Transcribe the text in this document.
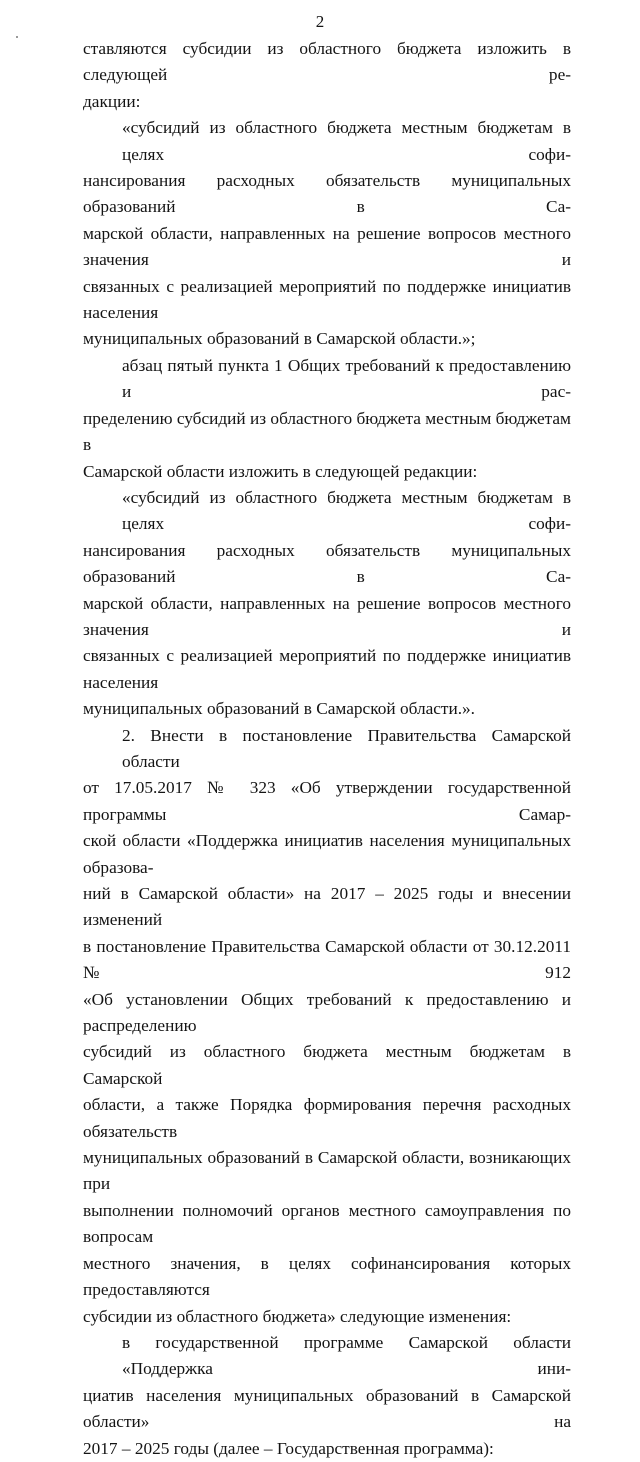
2

ставляются субсидии из областного бюджета изложить в следующей ре-
дакции:

«субсидий из областного бюджета местным бюджетам в целях софи-
нансирования расходных обязательств муниципальных образований в Са-
марской области, направленных на решение вопросов местного значения и
связанных с реализацией мероприятий по поддержке инициатив населения
муниципальных образований в Самарской области.»;

абзац пятый пункта 1 Общих требований к предоставлению и рас-
пределению субсидий из областного бюджета местным бюджетам в
Самарской области изложить в следующей редакции:

«субсидий из областного бюджета местным бюджетам в целях софи-
нансирования расходных обязательств муниципальных образований в Са-
марской области, направленных на решение вопросов местного значения и
связанных с реализацией мероприятий по поддержке инициатив населения
муниципальных образований в Самарской области.».

2. Внести в постановление Правительства Самарской области
от 17.05.2017 № 323 «Об утверждении государственной программы Самар-
ской области «Поддержка инициатив населения муниципальных образова-
ний в Самарской области» на 2017 – 2025 годы и внесении изменений
в постановление Правительства Самарской области от 30.12.2011 № 912
«Об установлении Общих требований к предоставлению и распределению
субсидий из областного бюджета местным бюджетам в Самарской
области, а также Порядка формирования перечня расходных обязательств
муниципальных образований в Самарской области, возникающих при
выполнении полномочий органов местного самоуправления по вопросам
местного значения, в целях софинансирования которых предоставляются
субсидии из областного бюджета» следующие изменения:

в государственной программе Самарской области «Поддержка ини-
циатив населения муниципальных образований в Самарской области» на
2017 – 2025 годы (далее – Государственная программа):
